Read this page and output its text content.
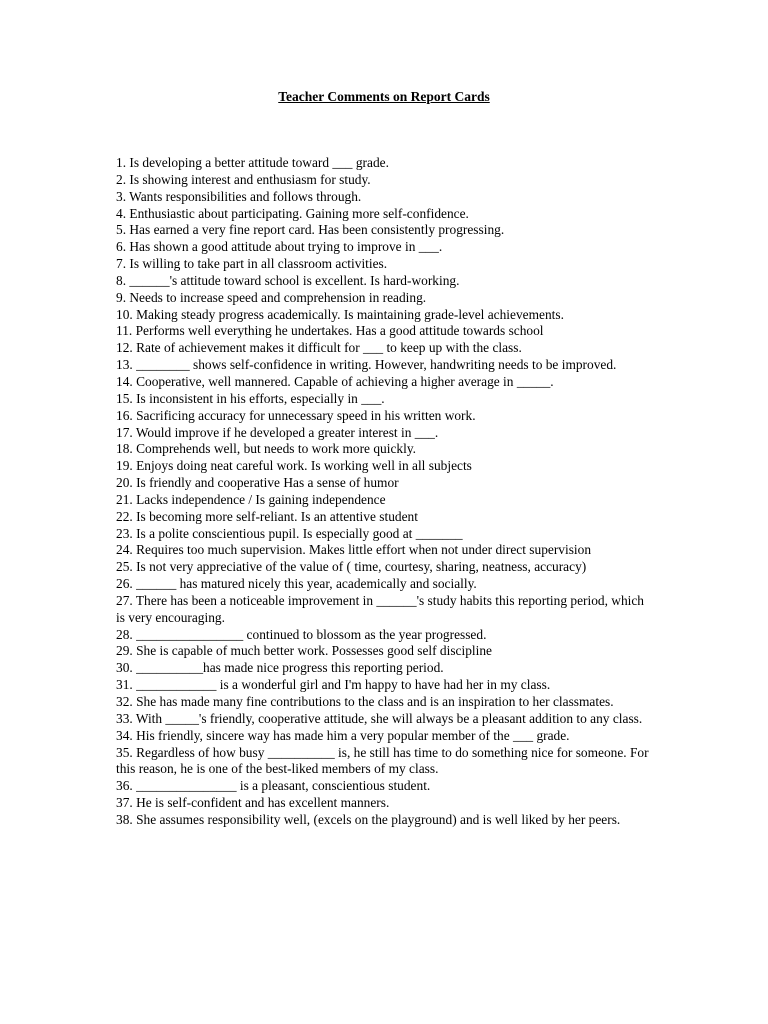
Teacher Comments on Report Cards
1. Is developing a better attitude toward ___ grade.
2. Is showing interest and enthusiasm for study.
3. Wants responsibilities and follows through.
4. Enthusiastic about participating. Gaining more self-confidence.
5. Has earned a very fine report card. Has been consistently progressing.
6. Has shown a good attitude about trying to improve in ___.
7. Is willing to take part in all classroom activities.
8. ______'s attitude toward school is excellent. Is hard-working.
9. Needs to increase speed and comprehension in reading.
10. Making steady progress academically. Is maintaining grade-level achievements.
11. Performs well everything he undertakes. Has a good attitude towards school
12. Rate of achievement makes it difficult for ___ to keep up with the class.
13. ________ shows self-confidence in writing. However, handwriting needs to be improved.
14. Cooperative, well mannered. Capable of achieving a higher average in _____.
15. Is inconsistent in his efforts, especially in ___.
16. Sacrificing accuracy for unnecessary speed in his written work.
17. Would improve if he developed a greater interest in ___.
18. Comprehends well, but needs to work more quickly.
19. Enjoys doing neat careful work. Is working well in all subjects
20. Is friendly and cooperative Has a sense of humor
21. Lacks independence / Is gaining independence
22. Is becoming more self-reliant. Is an attentive student
23. Is a polite conscientious pupil. Is especially good at _______
24. Requires too much supervision. Makes little effort when not under direct supervision
25. Is not very appreciative of the value of ( time, courtesy, sharing, neatness, accuracy)
26. ______ has matured nicely this year, academically and socially.
27. There has been a noticeable improvement in ______'s study habits this reporting period, which is very encouraging.
28. ________________ continued to blossom as the year progressed.
29. She is capable of much better work. Possesses good self discipline
30. __________has made nice progress this reporting period.
31. ____________ is a wonderful girl and I'm happy to have had her in my class.
32. She has made many fine contributions to the class and is an inspiration to her classmates.
33. With _____'s friendly, cooperative attitude, she will always be a pleasant addition to any class.
34. His friendly, sincere way has made him a very popular member of the ___ grade.
35. Regardless of how busy __________ is, he still has time to do something nice for someone. For this reason, he is one of the best-liked members of my class.
36. _______________ is a pleasant, conscientious student.
37. He is self-confident and has excellent manners.
38. She assumes responsibility well, (excels on the playground) and is well liked by her peers.
